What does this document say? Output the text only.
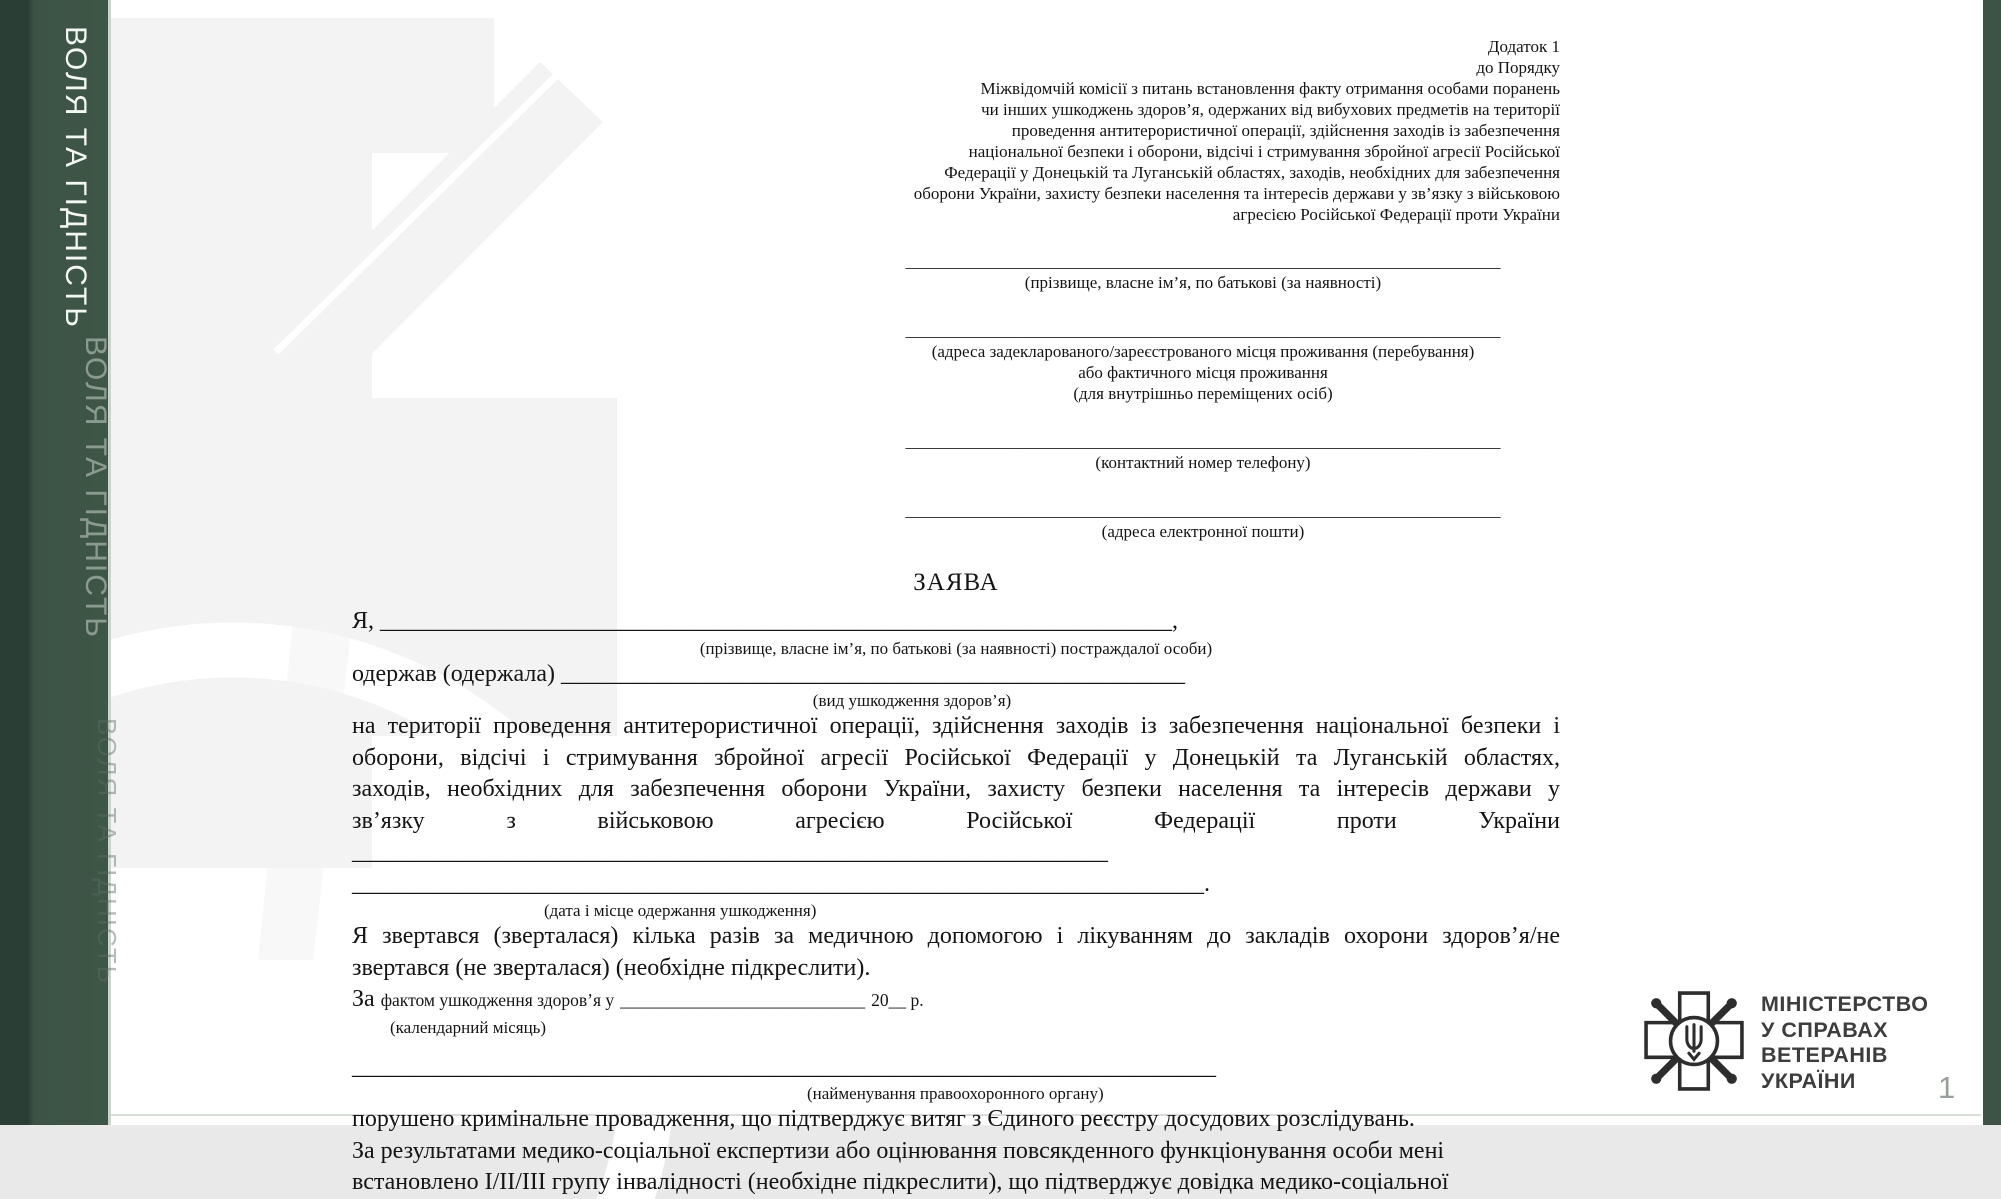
ВОЛЯ ТА ГІДНІСТЬ
ВОЛЯ ТА ГІДНІСТЬ
ВОЛЯ ТА ГІДНІСТЬ
Додаток 1
до Порядку
Міжвідомчій комісії з питань встановлення факту отримання особами поранень
чи інших ушкоджень здоров’я, одержаних від вибухових предметів на території
проведення антитерористичної операції, здійснення заходів із забезпечення
національної безпеки і оборони, відсічі і стримування збройної агресії Російської
Федерації у Донецькій та Луганській областях, заходів, необхідних для забезпечення
оборони України, захисту безпеки населення та інтересів держави у зв’язку з військовою
агресією Російської Федерації проти України
______________________________________________________________________
(прізвище, власне ім’я, по батькові (за наявності)
______________________________________________________________________
(адреса задекларованого/зареєстрованого місця проживання (перебування)
або фактичного місця проживання
(для внутрішньо переміщених осіб)
______________________________________________________________________
(контактний номер телефону)
______________________________________________________________________
(адреса електронної пошти)
ЗАЯВА
Я, __________________________________________________________________,
(прізвище, власне ім’я, по батькові (за наявності) постраждалої особи)
одержав (одержала) ____________________________________________________
(вид ушкодження здоров’я)
на території проведення антитерористичної операції, здійснення заходів із забезпечення національної безпеки і
оборони, відсічі і стримування збройної агресії Російської Федерації у Донецькій та Луганській областях,
заходів, необхідних для забезпечення оборони України, захисту безпеки населення та інтересів держави у
зв’язку з військовою агресією Російської Федерації проти України
_______________________________________________________________
_______________________________________________________________________.
(дата і місце одержання ушкодження)
Я звертався (зверталася) кілька разів за медичною допомогою і лікуванням до закладів охорони здоров’я/не
звертався (не зверталася) (необхідне підкреслити).
За фактом ушкодження здоров’я у ____________________________ 20__ р.
(календарний місяць)
________________________________________________________________________
(найменування правоохоронного органу)
порушено кримінальне провадження, що підтверджує витяг з Єдиного реєстру досудових розслідувань.
За результатами медико-соціальної експертизи або оцінювання повсякденного функціонування особи мені
встановлено І/ІІ/ІІІ групу інвалідності (необхідне підкреслити), що підтверджує довідка медико-соціальної
МІНІСТЕРСТВО
У СПРАВАХ
ВЕТЕРАНІВ
УКРАЇНИ	1
